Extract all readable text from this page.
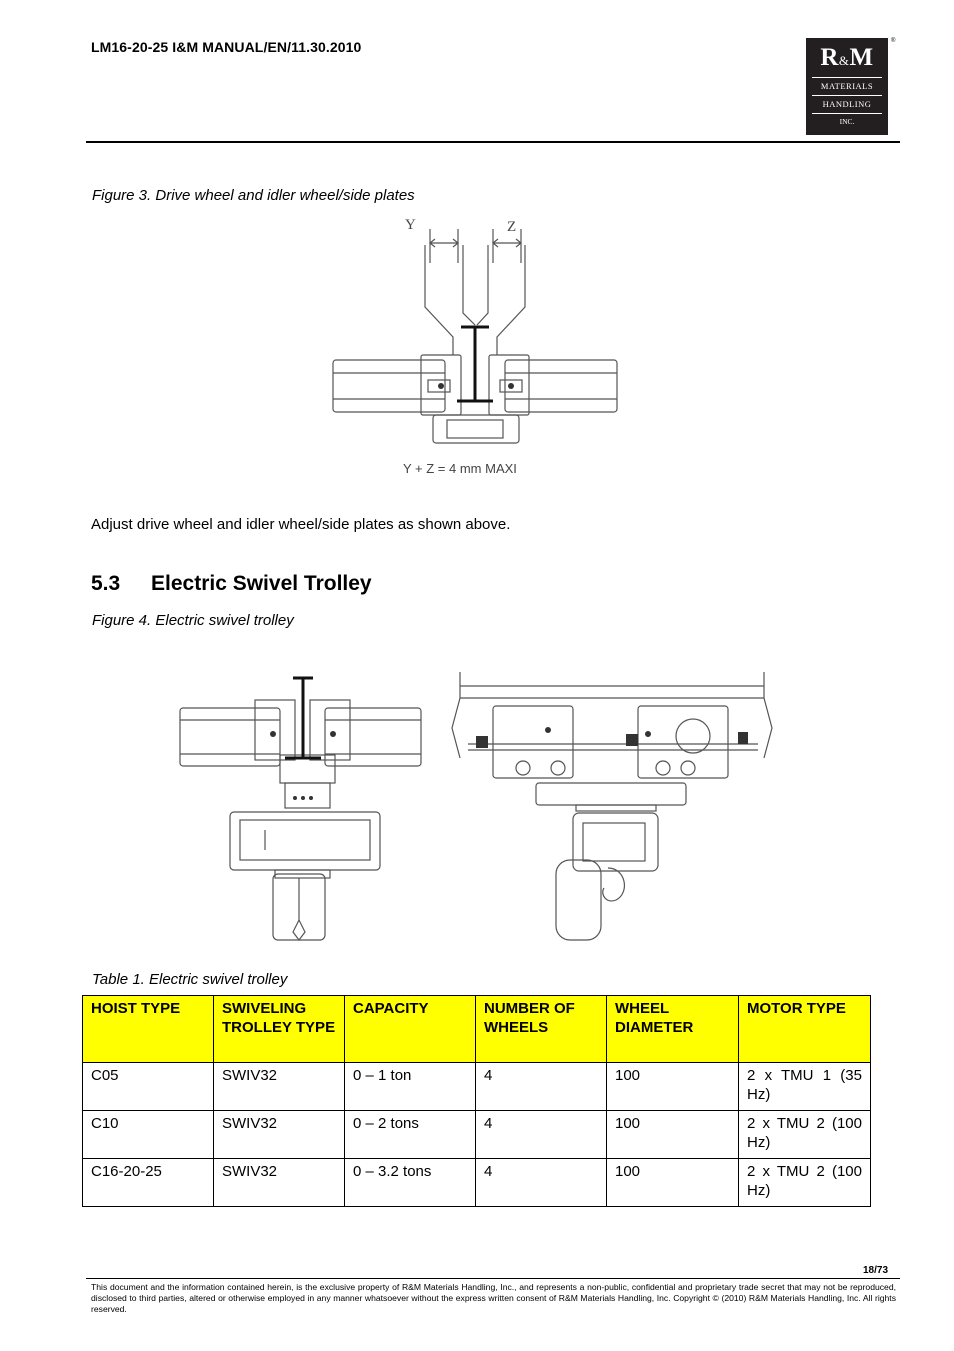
LM16-20-25 I&M MANUAL/EN/11.30.2010	R&M
MATERIALS
HANDLING
INC.
®
Figure 3. Drive wheel and idler wheel/side plates
Y	Z
Y + Z = 4 mm MAXI
Adjust drive wheel and idler wheel/side plates as shown above.
5.3 Electric Swivel Trolley
Figure 4. Electric swivel trolley
Table 1. Electric swivel trolley
HOIST TYPE	SWIVELING TROLLEY TYPE	CAPACITY	NUMBER OF WHEELS	WHEEL DIAMETER	MOTOR TYPE
C05	SWIV32	0 – 1 ton	4	100	2 x TMU 1 (35 Hz)
C10	SWIV32	0 – 2 tons	4	100	2 x TMU 2 (100 Hz)
C16-20-25	SWIV32	0 – 3.2 tons	4	100	2 x TMU 2 (100 Hz)
18/73
This document and the information contained herein, is the exclusive property of R&M Materials Handling, Inc., and represents a non-public, confidential and proprietary trade secret that may not be reproduced, disclosed to third parties, altered or otherwise employed in any manner whatsoever without the express written consent of R&M Materials Handling, Inc. Copyright © (2010) R&M Materials Handling, Inc. All rights reserved.
